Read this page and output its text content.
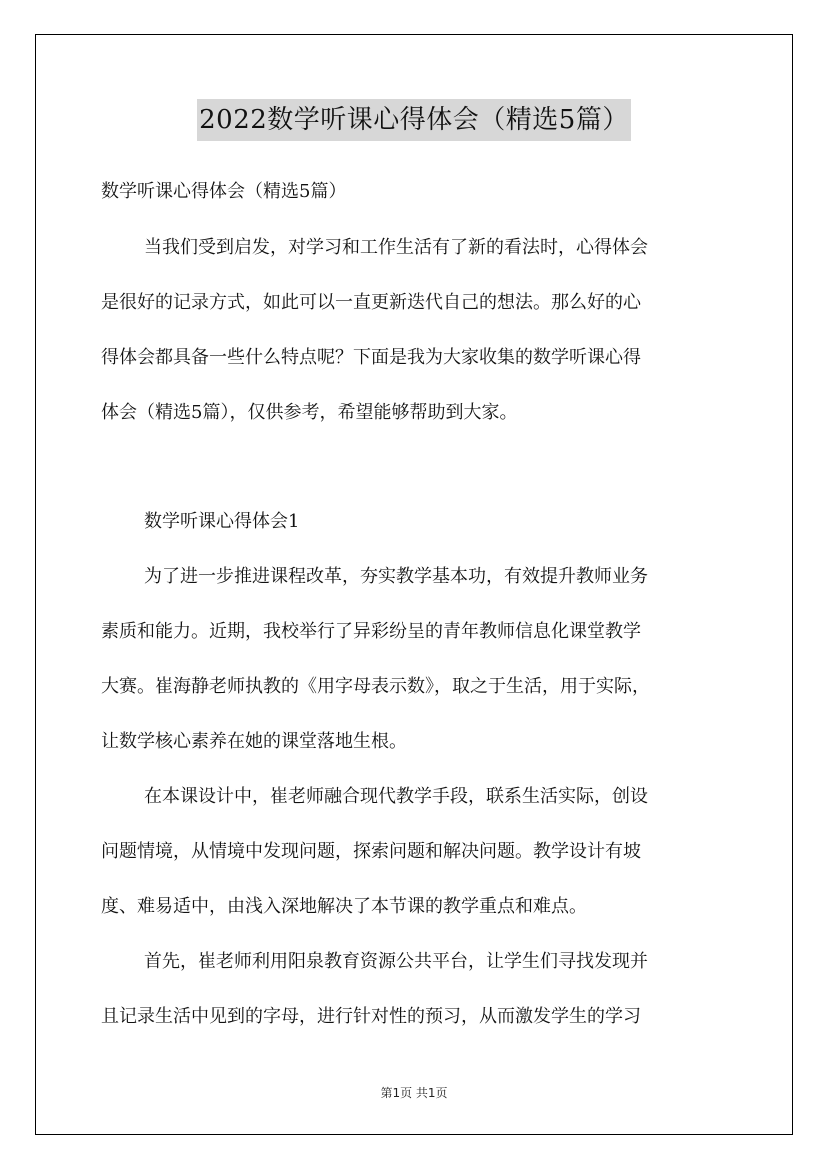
2022数学听课心得体会（精选5篇）
数学听课心得体会（精选5篇）
当我们受到启发，对学习和工作生活有了新的看法时，心得体会
是很好的记录方式，如此可以一直更新迭代自己的想法。那么好的心
得体会都具备一些什么特点呢？下面是我为大家收集的数学听课心得
体会（精选5篇），仅供参考，希望能够帮助到大家。
数学听课心得体会1
为了进一步推进课程改革，夯实教学基本功，有效提升教师业务
素质和能力。近期，我校举行了异彩纷呈的青年教师信息化课堂教学
大赛。崔海静老师执教的《用字母表示数》，取之于生活，用于实际，
让数学核心素养在她的课堂落地生根。
在本课设计中，崔老师融合现代教学手段，联系生活实际，创设
问题情境，从情境中发现问题，探索问题和解决问题。教学设计有坡
度、难易适中，由浅入深地解决了本节课的教学重点和难点。
首先，崔老师利用阳泉教育资源公共平台，让学生们寻找发现并
且记录生活中见到的字母，进行针对性的预习，从而激发学生的学习
第1页 共1页
